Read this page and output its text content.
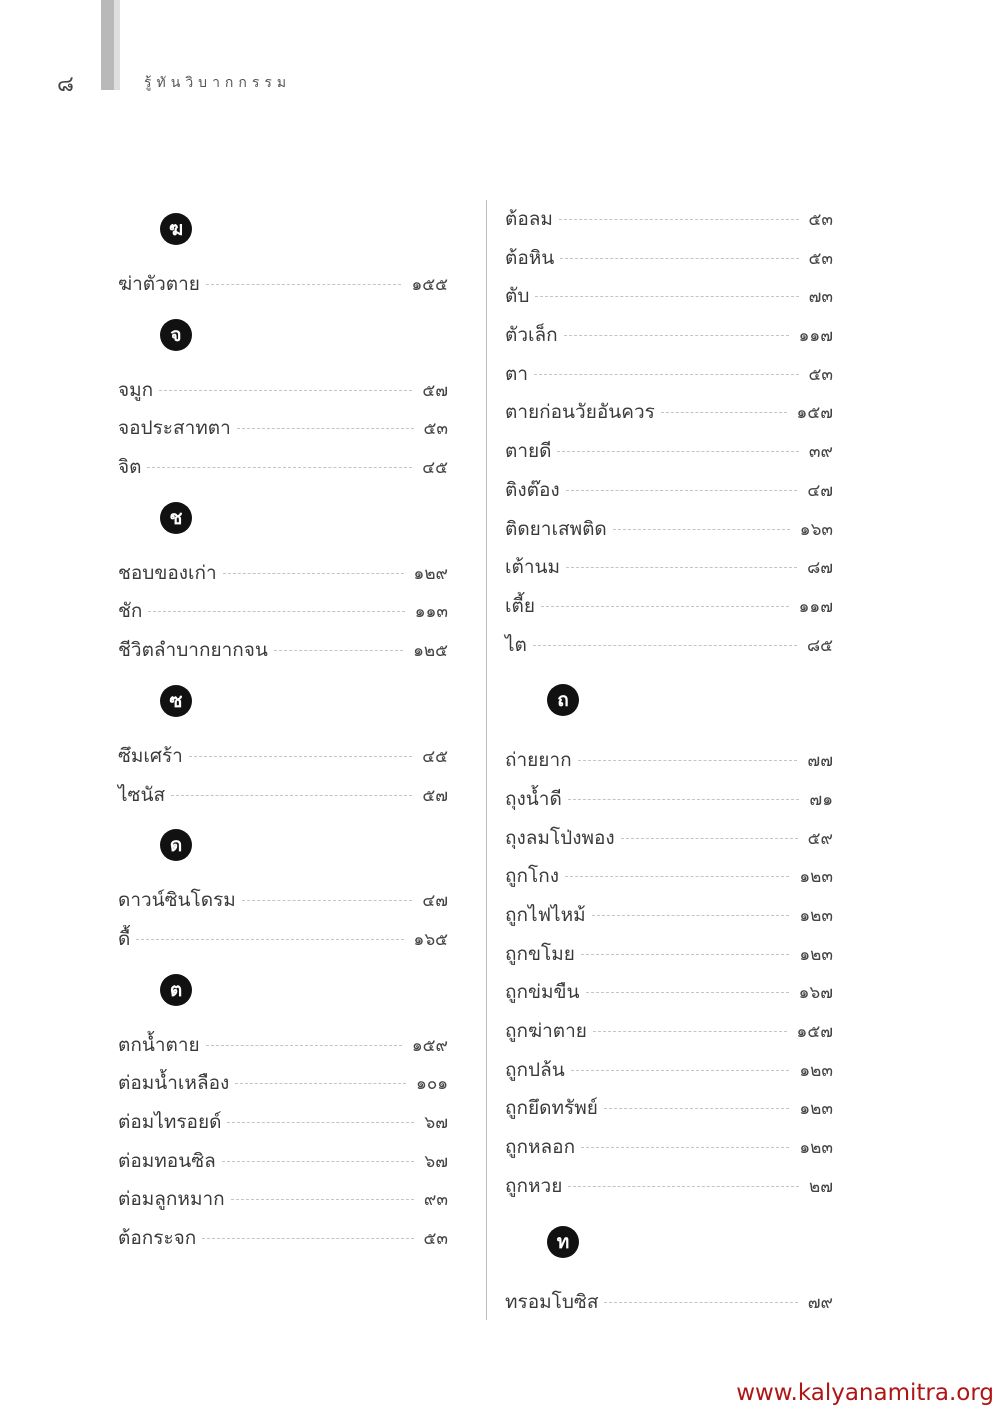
๘	รู้ทันวิบากกรรม
ฆ
ฆ่าตัวตาย	๑๕๕
จ
จมูก	๕๗
จอประสาทตา	๕๓
จิต	๔๕
ช
ชอบของเก่า	๑๒๙
ชัก	๑๑๓
ชีวิตลำบากยากจน	๑๒๕
ซ
ซึมเศร้า	๔๕
ไซนัส	๕๗
ด
ดาวน์ซินโดรม	๔๗
ดื้	๑๖๕
ต
ตกน้ำตาย	๑๕๙
ต่อมน้ำเหลือง	๑๐๑
ต่อมไทรอยด์	๖๗
ต่อมทอนซิล	๖๗
ต่อมลูกหมาก	๙๓
ต้อกระจก	๕๓
ต้อลม	๕๓
ต้อหิน	๕๓
ตับ	๗๓
ตัวเล็ก	๑๑๗
ตา	๕๓
ตายก่อนวัยอันควร	๑๕๗
ตายดี	๓๙
ติงต๊อง	๔๗
ติดยาเสพติด	๑๖๓
เต้านม	๘๗
เตี้ย	๑๑๗
ไต	๘๕
ถ
ถ่ายยาก	๗๗
ถุงน้ำดี	๗๑
ถุงลมโป่งพอง	๕๙
ถูกโกง	๑๒๓
ถูกไฟไหม้	๑๒๓
ถูกขโมย	๑๒๓
ถูกข่มขืน	๑๖๗
ถูกฆ่าตาย	๑๕๗
ถูกปล้น	๑๒๓
ถูกยึดทรัพย์	๑๒๓
ถูกหลอก	๑๒๓
ถูกหวย	๒๗
ท
ทรอมโบซิส	๗๙
www.kalyanamitra.org
